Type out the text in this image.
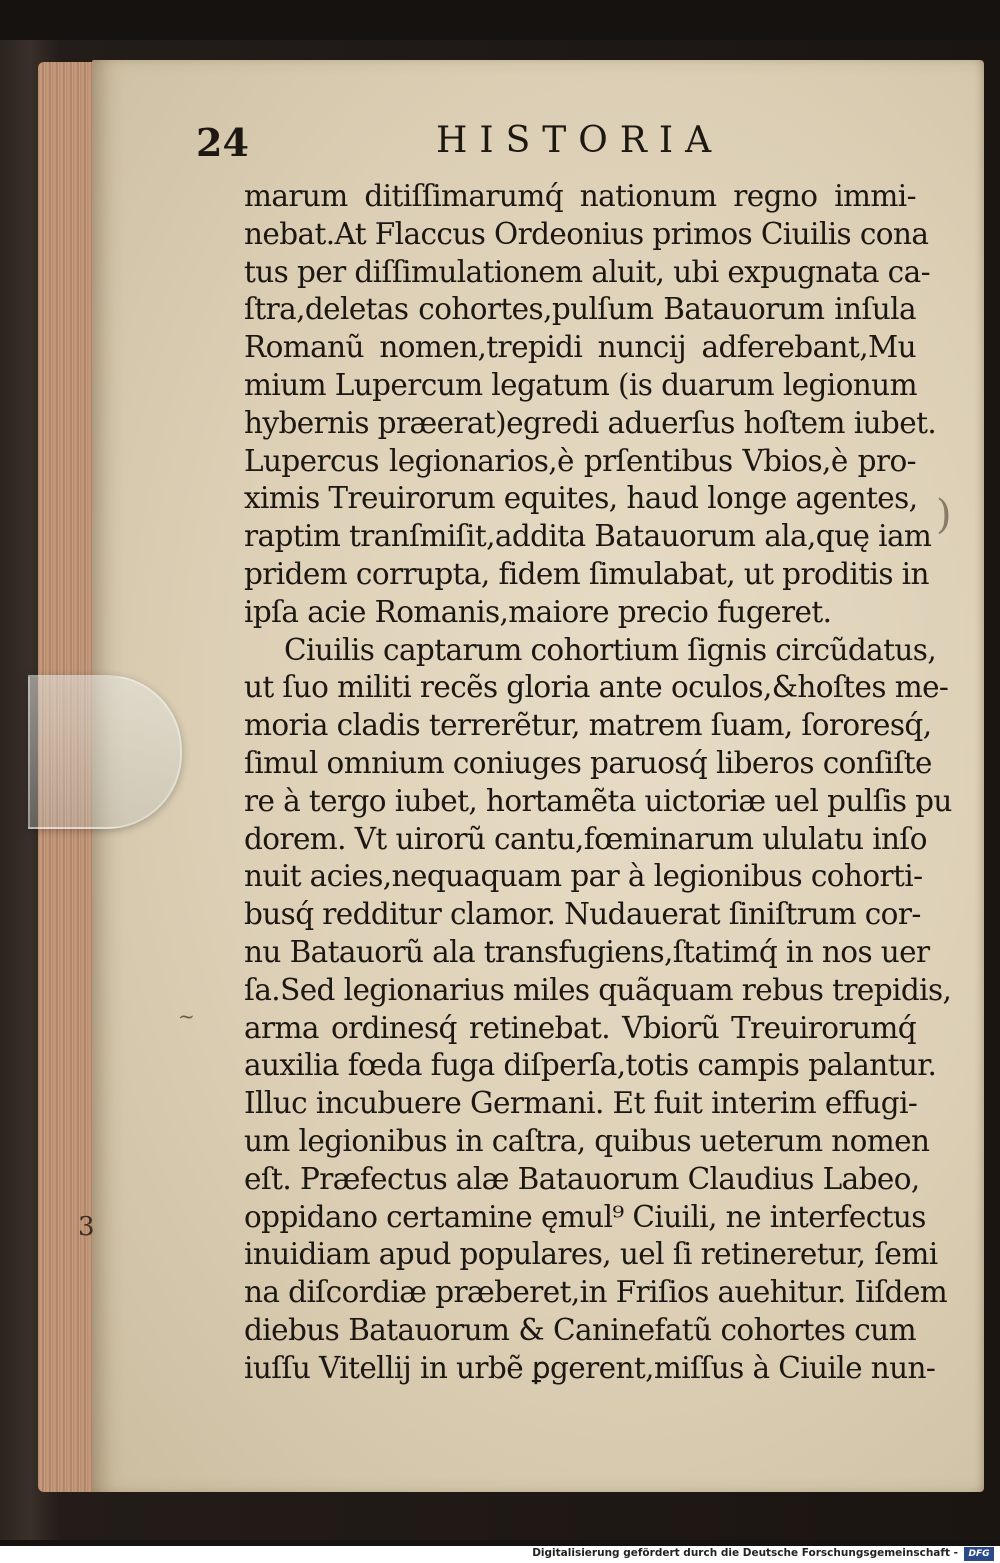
24	HISTORIA
marum ditiſſimarumq́ nationum regno immi-
nebat.At Flaccus Ordeonius primos Ciuilis cona
tus per diſſimulationem aluit, ubi expugnata ca-
ſtra,deletas cohortes,pulſum Batauorum inſula
Romanũ nomen,trepidi nuncij adferebant,Mu
mium Lupercum legatum (is duarum legionum
hybernis præerat)egredi aduerſus hoſtem iubet.
Lupercus legionarios,è prſentibus Vbios,è pro-
ximis Treuirorum equites, haud longe agentes,
raptim tranſmiſit,addita Batauorum ala,quę iam
pridem corrupta, fidem ſimulabat, ut proditis in
ipſa acie Romanis,maiore precio fugeret.
Ciuilis captarum cohortium ſignis circũdatus,
ut ſuo militi recẽs gloria ante oculos,&hoſtes me-
moria cladis terrerẽtur, matrem ſuam, ſororesq́,
ſimul omnium coniuges paruosq́ liberos conſiſte
re à tergo iubet, hortamẽta uictoriæ uel pulſis pu
dorem. Vt uirorũ cantu,fœminarum ululatu inſo
nuit acies,nequaquam par à legionibus cohorti-
busq́ redditur clamor. Nudauerat ſiniſtrum cor-
nu Batauorũ ala transfugiens,ſtatimq́ in nos uer
ſa.Sed legionarius miles quãquam rebus trepidis,
arma ordinesq́ retinebat. Vbiorũ Treuirorumq́
auxilia fœda fuga diſperſa,totis campis palantur.
Illuc incubuere Germani. Et fuit interim effugi-
um legionibus in caſtra, quibus ueterum nomen
eſt. Præfectus alæ Batauorum Claudius Labeo,
oppidano certamine ęmul⁹ Ciuili, ne interfectus
inuidiam apud populares, uel ſi retineretur, ſemi
na diſcordiæ præberet,in Friſios auehitur. Iiſdem
diebus Batauorum & Caninefatũ cohortes cum
iuſſu Vitellij in urbẽ ꝑgerent,miſſus à Ciuile nun-
~
3
)
Digitalisierung gefördert durch die Deutsche Forschungsgemeinschaft -	DFG
